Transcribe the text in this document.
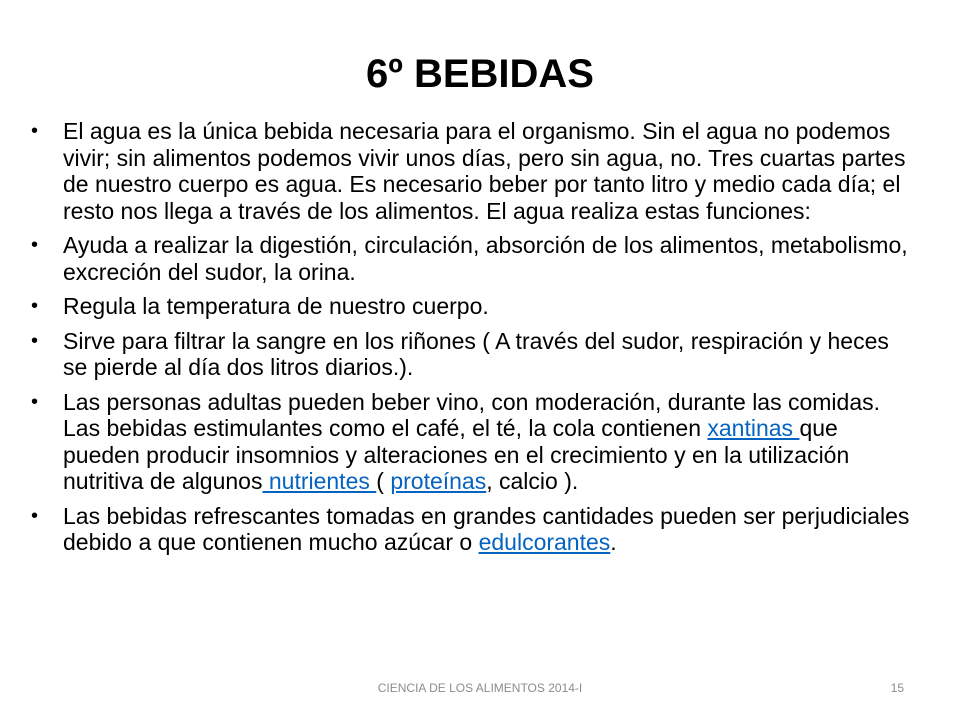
6º BEBIDAS
• El agua es la única bebida necesaria para el organismo. Sin el agua no podemos vivir; sin alimentos podemos vivir unos días, pero sin agua, no. Tres cuartas partes de nuestro cuerpo es agua. Es necesario beber por tanto litro y medio cada día; el resto nos llega a través de los alimentos. El agua realiza estas funciones:
• Ayuda a realizar la digestión, circulación, absorción de los alimentos, metabolismo, excreción del sudor, la orina.
• Regula la temperatura de nuestro cuerpo.
• Sirve para filtrar la sangre en los riñones ( A través del sudor, respiración y heces se pierde al día dos litros diarios.).
• Las personas adultas pueden beber vino, con moderación, durante las comidas. Las bebidas estimulantes como el café, el té, la cola contienen xantinas que pueden producir insomnios y alteraciones en el crecimiento y en la utilización nutritiva de algunos nutrientes ( proteínas, calcio ).
• Las bebidas refrescantes tomadas en grandes cantidades pueden ser perjudiciales debido a que contienen mucho azúcar o edulcorantes.
CIENCIA DE LOS ALIMENTOS 2014-I	15
